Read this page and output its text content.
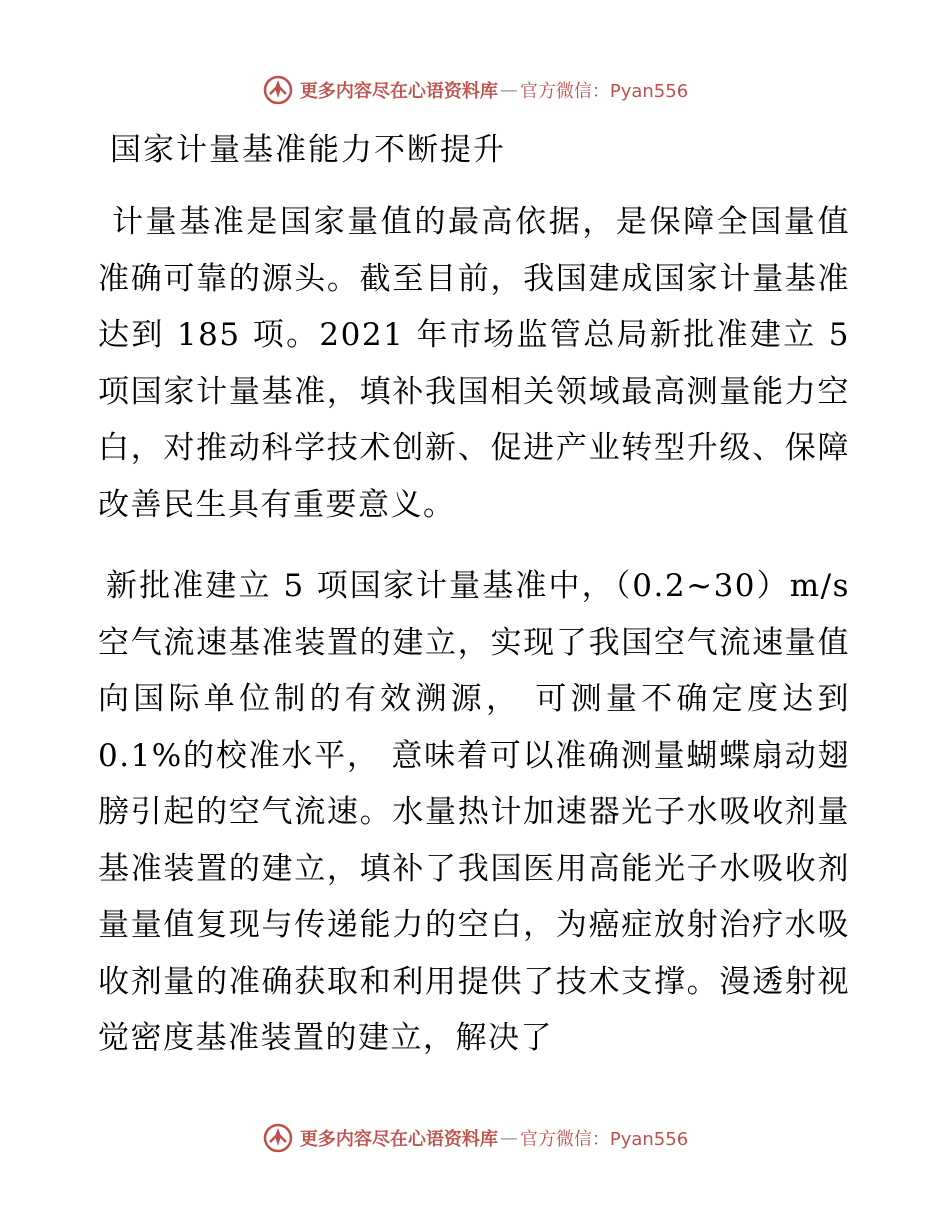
更多内容尽在心语资料库 — 官方微信：Pyan556
国家计量基准能力不断提升

计量基准是国家量值的最高依据，是保障全国量值准确可靠的源头。截至目前，我国建成国家计量基准达到 185 项。2021 年市场监管总局新批准建立 5 项国家计量基准，填补我国相关领域最高测量能力空白，对推动科学技术创新、促进产业转型升级、保障改善民生具有重要意义。

新批准建立 5 项国家计量基准中，（0.2~30）m/s 空气流速基准装置的建立，实现了我国空气流速量值向国际单位制的有效溯源， 可测量不确定度达到 0.1%的校准水平， 意味着可以准确测量蝴蝶扇动翅膀引起的空气流速。水量热计加速器光子水吸收剂量基准装置的建立，填补了我国医用高能光子水吸收剂量量值复现与传递能力的空白，为癌症放射治疗水吸收剂量的准确获取和利用提供了技术支撑。漫透射视觉密度基准装置的建立，解决了

更多内容尽在心语资料库 — 官方微信：Pyan556
